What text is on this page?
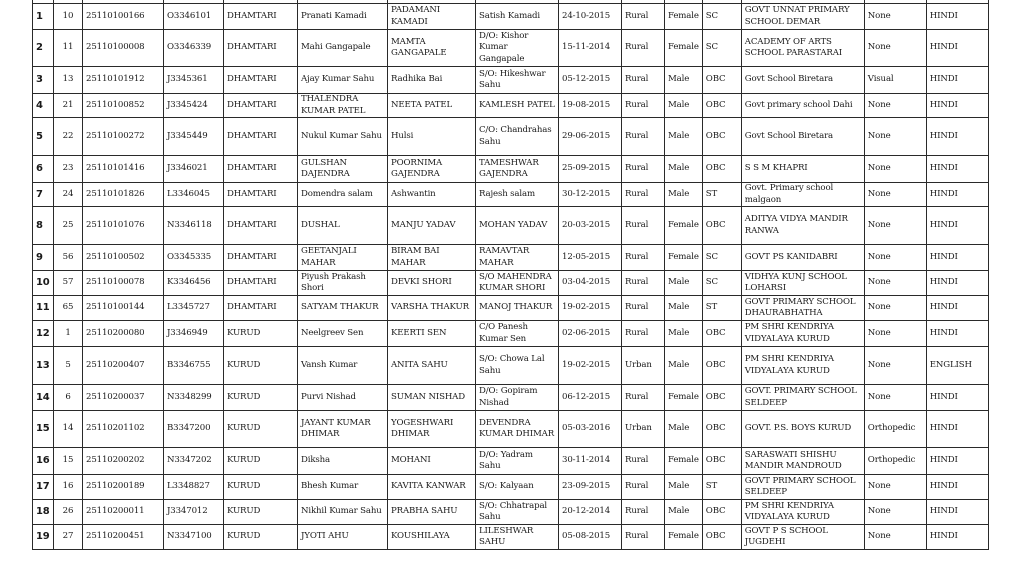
1	10	25110100166	O3346101	DHAMTARI	Pranati Kamadi	PADAMANI KAMADI	Satish Kamadi	24-10-2015	Rural	Female	SC	GOVT UNNAT PRIMARY SCHOOL DEMAR	None	HINDI
2	11	25110100008	O3346339	DHAMTARI	Mahi Gangapale	MAMTA GANGAPALE	D/O: Kishor Kumar Gangapale	15-11-2014	Rural	Female	SC	ACADEMY OF ARTS SCHOOL PARASTARAI	None	HINDI
3	13	25110101912	J3345361	DHAMTARI	Ajay Kumar Sahu	Radhika Bai	S/O: Hikeshwar Sahu	05-12-2015	Rural	Male	OBC	Govt School Biretara	Visual	HINDI
4	21	25110100852	J3345424	DHAMTARI	THALENDRA KUMAR PATEL	NEETA PATEL	KAMLESH PATEL	19-08-2015	Rural	Male	OBC	Govt primary school Dahi	None	HINDI
5	22	25110100272	J3345449	DHAMTARI	Nukul Kumar Sahu	Hulsi	C/O: Chandrahas Sahu	29-06-2015	Rural	Male	OBC	Govt School Biretara	None	HINDI
6	23	25110101416	J3346021	DHAMTARI	GULSHAN DAJENDRA	POORNIMA GAJENDRA	TAMESHWAR GAJENDRA	25-09-2015	Rural	Male	OBC	S S M KHAPRI	None	HINDI
7	24	25110101826	L3346045	DHAMTARI	Domendra salam	Ashwantin	Rajesh salam	30-12-2015	Rural	Male	ST	Govt. Primary school malgaon	None	HINDI
8	25	25110101076	N3346118	DHAMTARI	DUSHAL	MANJU YADAV	MOHAN YADAV	20-03-2015	Rural	Female	OBC	ADITYA VIDYA MANDIR RANWA	None	HINDI
9	56	25110100502	O3345335	DHAMTARI	GEETANJALI MAHAR	BIRAM BAI MAHAR	RAMAVTAR MAHAR	12-05-2015	Rural	Female	SC	GOVT PS KANIDABRI	None	HINDI
10	57	25110100078	K3346456	DHAMTARI	Piyush Prakash Shori	DEVKI SHORI	S/O MAHENDRA KUMAR SHORI	03-04-2015	Rural	Male	SC	VIDHYA KUNJ SCHOOL LOHARSI	None	HINDI
11	65	25110100144	L3345727	DHAMTARI	SATYAM THAKUR	VARSHA THAKUR	MANOJ THAKUR	19-02-2015	Rural	Male	ST	GOVT PRIMARY SCHOOL DHAURABHATHA	None	HINDI
12	1	25110200080	J3346949	KURUD	Neelgreev Sen	KEERTI SEN	C/O Panesh Kumar Sen	02-06-2015	Rural	Male	OBC	PM SHRI KENDRIYA VIDYALAYA KURUD	None	HINDI
13	5	25110200407	B3346755	KURUD	Vansh Kumar	ANITA SAHU	S/O: Chowa Lal Sahu	19-02-2015	Urban	Male	OBC	PM SHRI KENDRIYA VIDYALAYA KURUD	None	ENGLISH
14	6	25110200037	N3348299	KURUD	Purvi Nishad	SUMAN NISHAD	D/O: Gopiram Nishad	06-12-2015	Rural	Female	OBC	GOVT. PRIMARY SCHOOL SELDEEP	None	HINDI
15	14	25110201102	B3347200	KURUD	JAYANT KUMAR DHIMAR	YOGESHWARI DHIMAR	DEVENDRA KUMAR DHIMAR	05-03-2016	Urban	Male	OBC	GOVT. P.S. BOYS KURUD	Orthopedic	HINDI
16	15	25110200202	N3347202	KURUD	Diksha	MOHANI	D/O: Yadram Sahu	30-11-2014	Rural	Female	OBC	SARASWATI SHISHU MANDIR MANDROUD	Orthopedic	HINDI
17	16	25110200189	L3348827	KURUD	Bhesh Kumar	KAVITA KANWAR	S/O: Kalyaan	23-09-2015	Rural	Male	ST	GOVT PRIMARY SCHOOL SELDEEP	None	HINDI
18	26	25110200011	J3347012	KURUD	Nikhil Kumar Sahu	PRABHA SAHU	S/O: Chhatrapal Sahu	20-12-2014	Rural	Male	OBC	PM SHRI KENDRIYA VIDYALAYA KURUD	None	HINDI
19	27	25110200451	N3347100	KURUD	JYOTI AHU	KOUSHILAYA	LILESHWAR SAHU	05-08-2015	Rural	Female	OBC	GOVT P S SCHOOL JUGDEHI	None	HINDI
